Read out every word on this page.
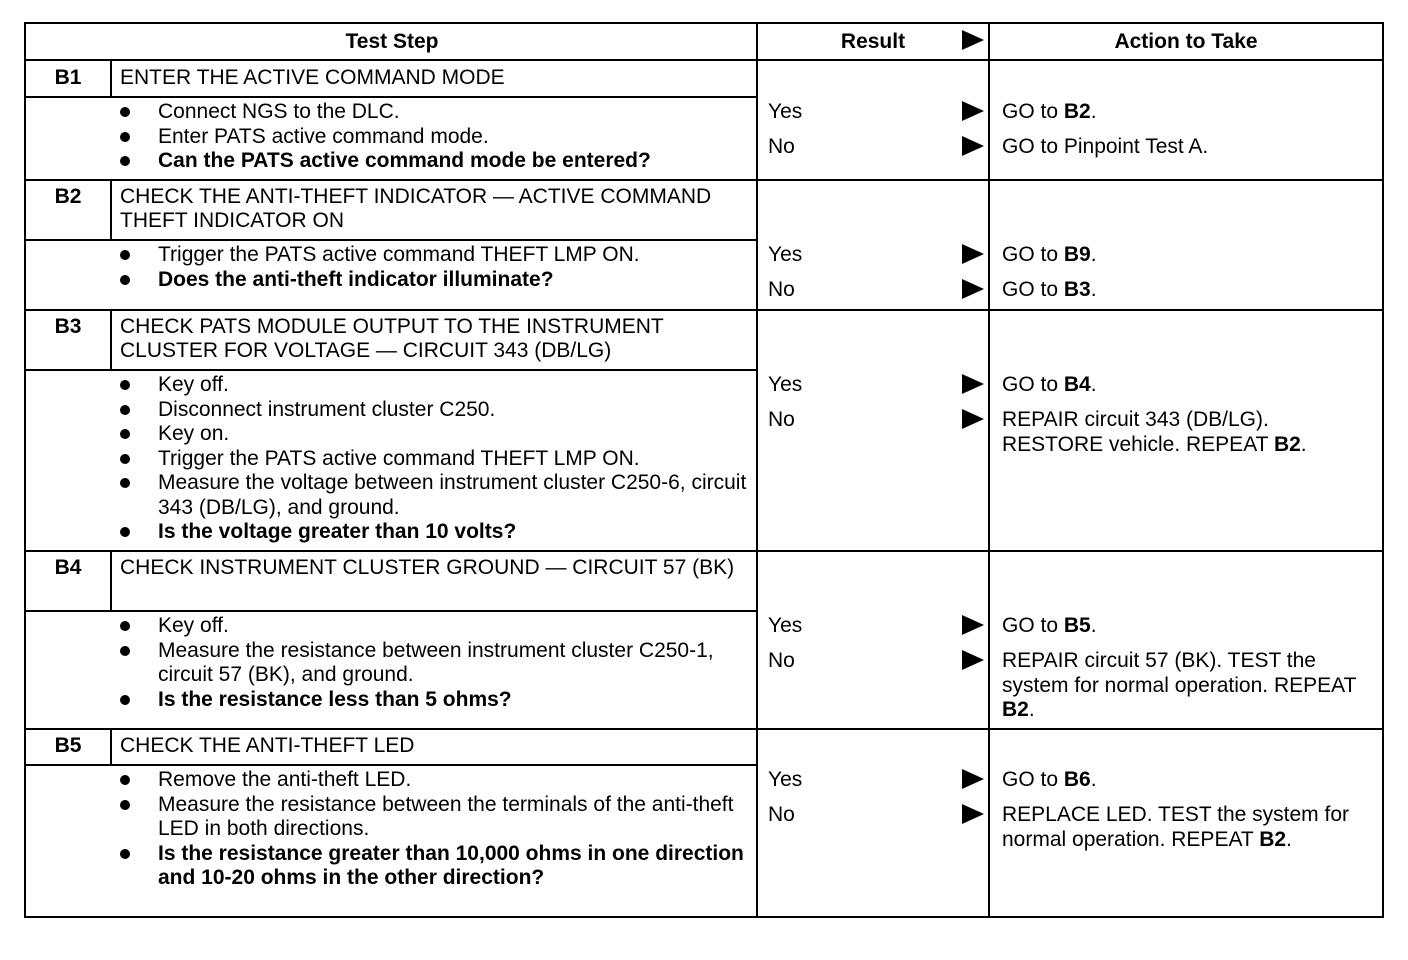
Test Step	Result	Action to Take
B1	ENTER THE ACTIVE COMMAND MODE
Connect NGS to the DLC.
Enter PATS active command mode.
Can the PATS active command mode be entered?
Yes	GO to B2.
No	GO to Pinpoint Test A.
B2	CHECK THE ANTI-THEFT INDICATOR — ACTIVE COMMAND THEFT INDICATOR ON
Trigger the PATS active command THEFT LMP ON.
Does the anti-theft indicator illuminate?
Yes	GO to B9.
No	GO to B3.
B3	CHECK PATS MODULE OUTPUT TO THE INSTRUMENT CLUSTER FOR VOLTAGE — CIRCUIT 343 (DB/LG)
Key off.
Disconnect instrument cluster C250.
Key on.
Trigger the PATS active command THEFT LMP ON.
Measure the voltage between instrument cluster C250-6, circuit 343 (DB/LG), and ground.
Is the voltage greater than 10 volts?
Yes	GO to B4.
No	REPAIR circuit 343 (DB/LG). RESTORE vehicle. REPEAT B2.
B4	CHECK INSTRUMENT CLUSTER GROUND — CIRCUIT 57 (BK)
Key off.
Measure the resistance between instrument cluster C250-1, circuit 57 (BK), and ground.
Is the resistance less than 5 ohms?
Yes	GO to B5.
No	REPAIR circuit 57 (BK). TEST the system for normal operation. REPEAT B2.
B5	CHECK THE ANTI-THEFT LED
Remove the anti-theft LED.
Measure the resistance between the terminals of the anti-theft LED in both directions.
Is the resistance greater than 10,000 ohms in one direction and 10-20 ohms in the other direction?
Yes	GO to B6.
No	REPLACE LED. TEST the system for normal operation. REPEAT B2.
